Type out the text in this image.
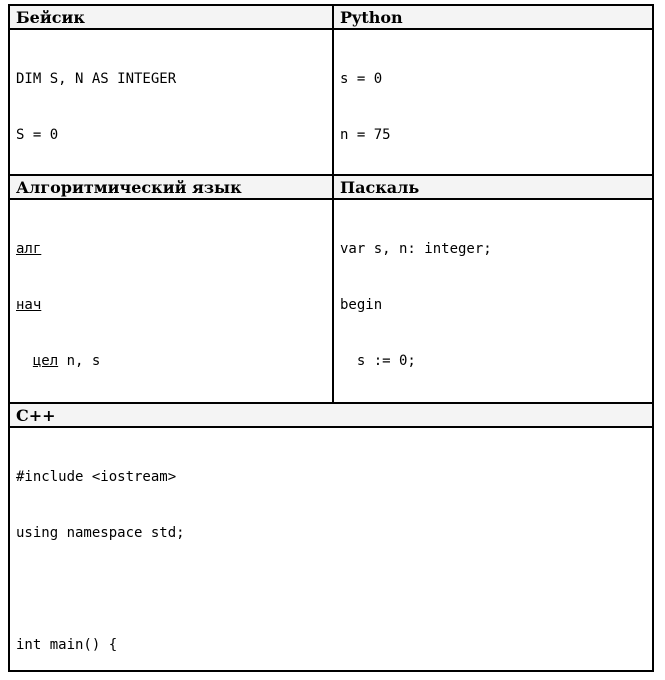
Бейсик	Python

DIM S, N AS INTEGER

S = 0

s = 0

n = 75

Алгоритмический язык	Паскаль

алг

нач

цел n, s

var s, n: integer;

begin

s := 0;

C++

#include <iostream>

using namespace std;

int main() {
